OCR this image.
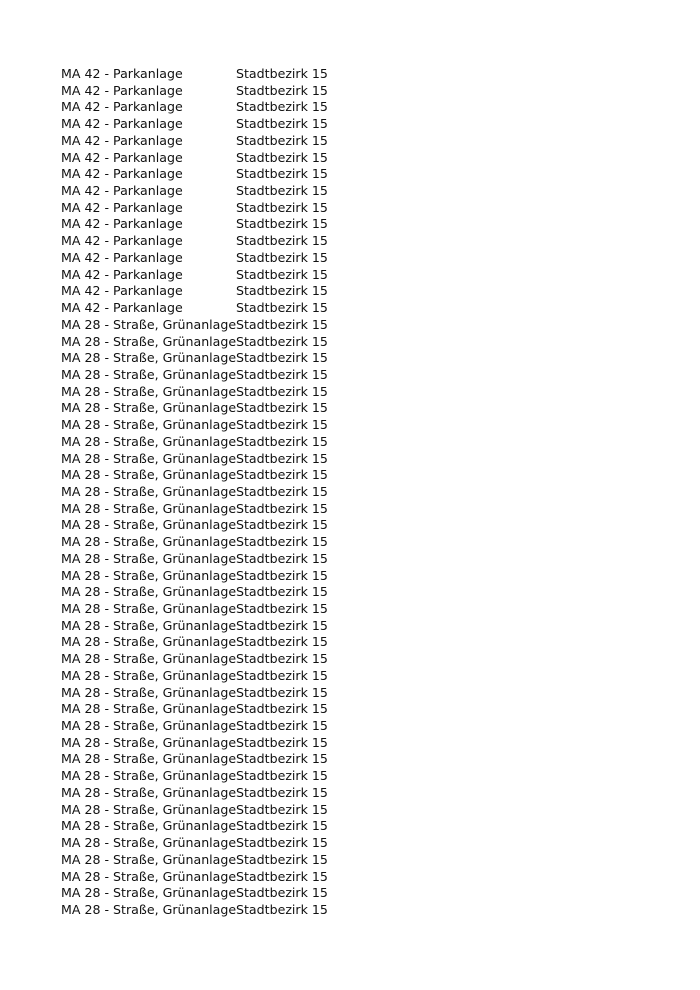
MA 42 - Parkanlage	Stadtbezirk 15
MA 42 - Parkanlage	Stadtbezirk 15
MA 42 - Parkanlage	Stadtbezirk 15
MA 42 - Parkanlage	Stadtbezirk 15
MA 42 - Parkanlage	Stadtbezirk 15
MA 42 - Parkanlage	Stadtbezirk 15
MA 42 - Parkanlage	Stadtbezirk 15
MA 42 - Parkanlage	Stadtbezirk 15
MA 42 - Parkanlage	Stadtbezirk 15
MA 42 - Parkanlage	Stadtbezirk 15
MA 42 - Parkanlage	Stadtbezirk 15
MA 42 - Parkanlage	Stadtbezirk 15
MA 42 - Parkanlage	Stadtbezirk 15
MA 42 - Parkanlage	Stadtbezirk 15
MA 42 - Parkanlage	Stadtbezirk 15
MA 28 - Straße, Grünanlage Stadtbezirk 15
MA 28 - Straße, Grünanlage Stadtbezirk 15
MA 28 - Straße, Grünanlage Stadtbezirk 15
MA 28 - Straße, Grünanlage Stadtbezirk 15
MA 28 - Straße, Grünanlage Stadtbezirk 15
MA 28 - Straße, Grünanlage Stadtbezirk 15
MA 28 - Straße, Grünanlage Stadtbezirk 15
MA 28 - Straße, Grünanlage Stadtbezirk 15
MA 28 - Straße, Grünanlage Stadtbezirk 15
MA 28 - Straße, Grünanlage Stadtbezirk 15
MA 28 - Straße, Grünanlage Stadtbezirk 15
MA 28 - Straße, Grünanlage Stadtbezirk 15
MA 28 - Straße, Grünanlage Stadtbezirk 15
MA 28 - Straße, Grünanlage Stadtbezirk 15
MA 28 - Straße, Grünanlage Stadtbezirk 15
MA 28 - Straße, Grünanlage Stadtbezirk 15
MA 28 - Straße, Grünanlage Stadtbezirk 15
MA 28 - Straße, Grünanlage Stadtbezirk 15
MA 28 - Straße, Grünanlage Stadtbezirk 15
MA 28 - Straße, Grünanlage Stadtbezirk 15
MA 28 - Straße, Grünanlage Stadtbezirk 15
MA 28 - Straße, Grünanlage Stadtbezirk 15
MA 28 - Straße, Grünanlage Stadtbezirk 15
MA 28 - Straße, Grünanlage Stadtbezirk 15
MA 28 - Straße, Grünanlage Stadtbezirk 15
MA 28 - Straße, Grünanlage Stadtbezirk 15
MA 28 - Straße, Grünanlage Stadtbezirk 15
MA 28 - Straße, Grünanlage Stadtbezirk 15
MA 28 - Straße, Grünanlage Stadtbezirk 15
MA 28 - Straße, Grünanlage Stadtbezirk 15
MA 28 - Straße, Grünanlage Stadtbezirk 15
MA 28 - Straße, Grünanlage Stadtbezirk 15
MA 28 - Straße, Grünanlage Stadtbezirk 15
MA 28 - Straße, Grünanlage Stadtbezirk 15
MA 28 - Straße, Grünanlage Stadtbezirk 15
MA 28 - Straße, Grünanlage Stadtbezirk 15
